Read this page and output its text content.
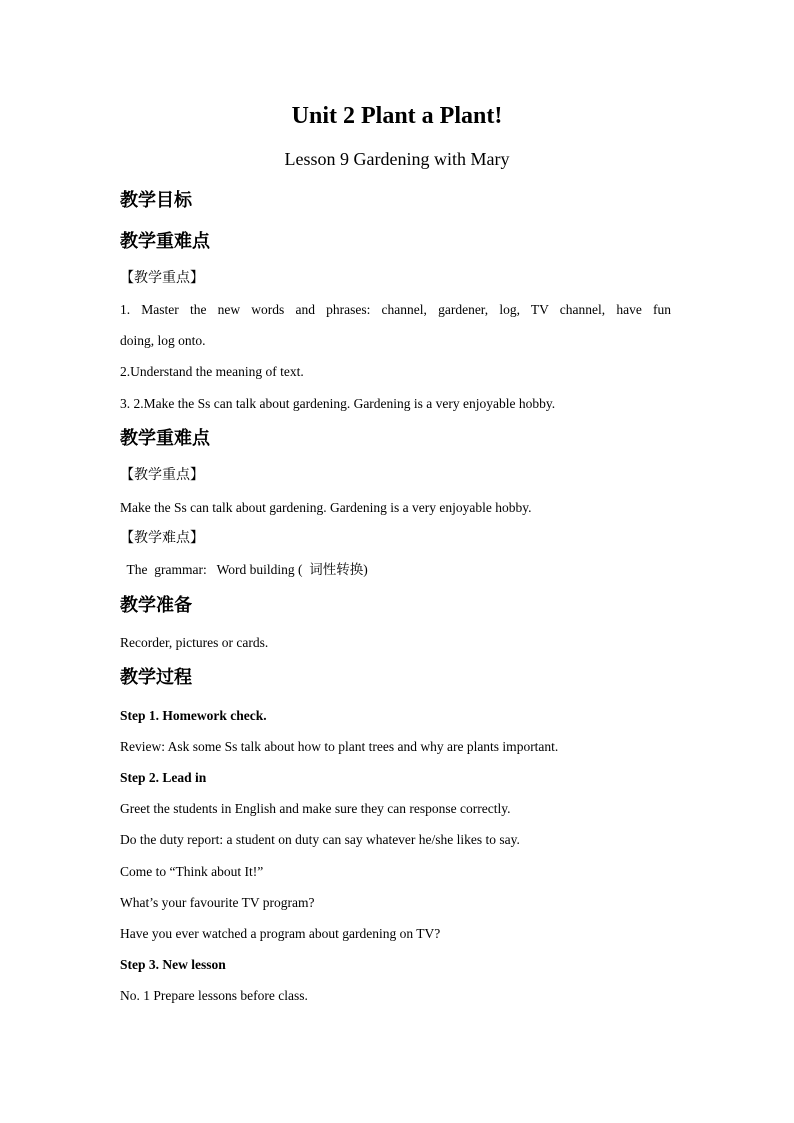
Unit 2 Plant a Plant!
Lesson 9 Gardening with Mary
教学目标
教学重难点
【教学重点】
1. Master the new words and phrases: channel, gardener, log, TV channel, have fun
doing, log onto.
2.Understand the meaning of text.
3. 2.Make the Ss can talk about gardening. Gardening is a very enjoyable hobby.
教学重难点
【教学重点】
Make the Ss can talk about gardening. Gardening is a very enjoyable hobby.
【教学难点】
The  grammar:   Word building (  词性转换)
教学准备
Recorder, pictures or cards.
教学过程
Step 1. Homework check.
Review: Ask some Ss talk about how to plant trees and why are plants important.
Step 2. Lead in
Greet the students in English and make sure they can response correctly.
Do the duty report: a student on duty can say whatever he/she likes to say.
Come to “Think about It!”
What’s your favourite TV program?
Have you ever watched a program about gardening on TV?
Step 3. New lesson
No. 1 Prepare lessons before class.
